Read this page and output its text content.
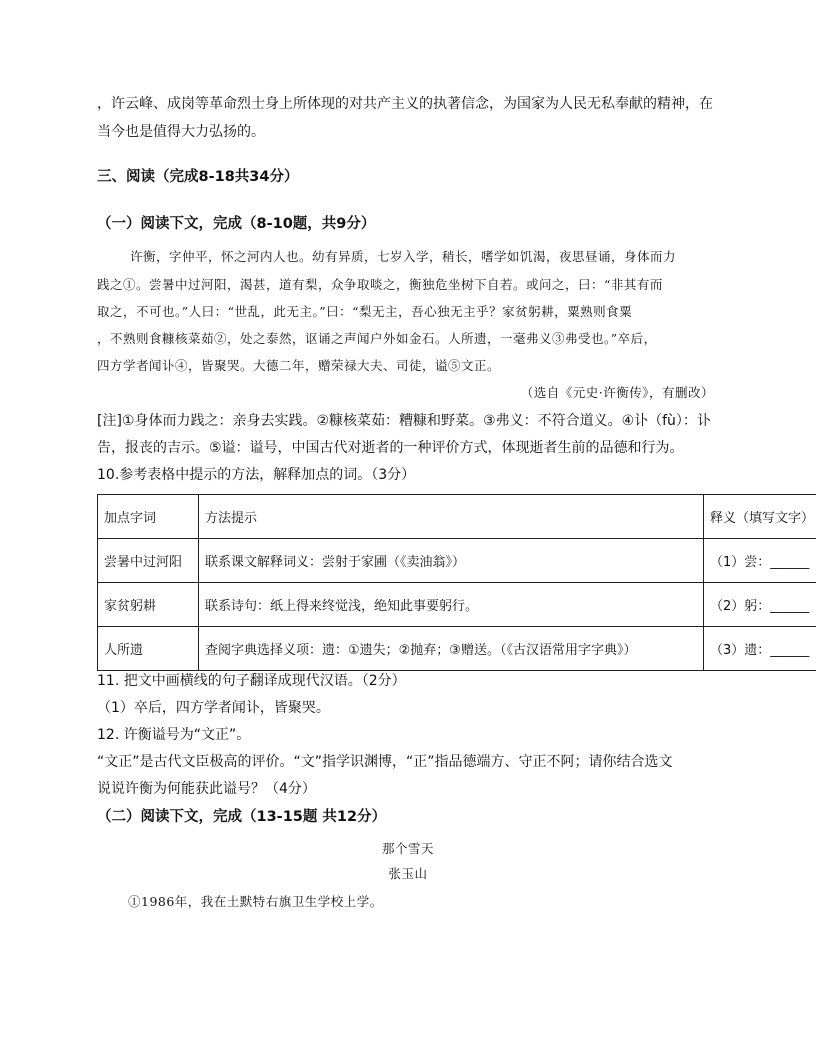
，许云峰、成岗等革命烈士身上所体现的对共产主义的执著信念，为国家为人民无私奉献的精神，在
当今也是值得大力弘扬的。
三、阅读（完成8-18共34分）
（一）阅读下文，完成（8-10题，共9分）
许衡，字仲平，怀之河内人也。幼有异质，七岁入学，稍长，嗜学如饥渴，夜思昼诵，身体而力
践之①。尝暑中过河阳，渴甚，道有梨，众争取啖之，衡独危坐树下自若。或问之，曰：“非其有而
取之，不可也。”人曰：“世乱，此无主。”曰：“梨无主，吾心独无主乎？家贫躬耕，粟熟则食粟
，不熟则食糠核菜茹②，处之泰然，讴诵之声闻户外如金石。人所遗，一毫弗义③弗受也。”卒后，
四方学者闻讣④，皆聚哭。大德二年，赠荣禄大夫、司徒，谥⑤文正。
（选自《元史·许衡传》，有删改）
[注]①身体而力践之：亲身去实践。②糠核菜茹：糟糠和野菜。③弗义：不符合道义。④讣（fù）：讣
告，报丧的吉示。⑤谥：谥号，中国古代对逝者的一种评价方式，体现逝者生前的品德和行为。
10.参考表格中提示的方法，解释加点的词。（3分）
加点字词	方法提示	释义（填写文字）
尝暑中过河阳	联系课文解释词义：尝射于家圃（《卖油翁》）	（1）尝：______
家贫躬耕	联系诗句：纸上得来终觉浅，绝知此事要躬行。	（2）躬：______
人所遗	查阅字典选择义项：遗：①遗失；②抛弃；③赠送。（《古汉语常用字字典》）	（3）遗：______
11. 把文中画横线的句子翻译成现代汉语。（2分）
（1）卒后，四方学者闻讣，皆聚哭。
12. 许衡谥号为“文正”。
“文正”是古代文臣极高的评价。“文”指学识渊博，“正”指品德端方、守正不阿；请你结合选文
说说许衡为何能获此谥号？（4分）
（二）阅读下文，完成（13-15题 共12分）
那个雪天
张玉山
①1986年，我在土默特右旗卫生学校上学。
